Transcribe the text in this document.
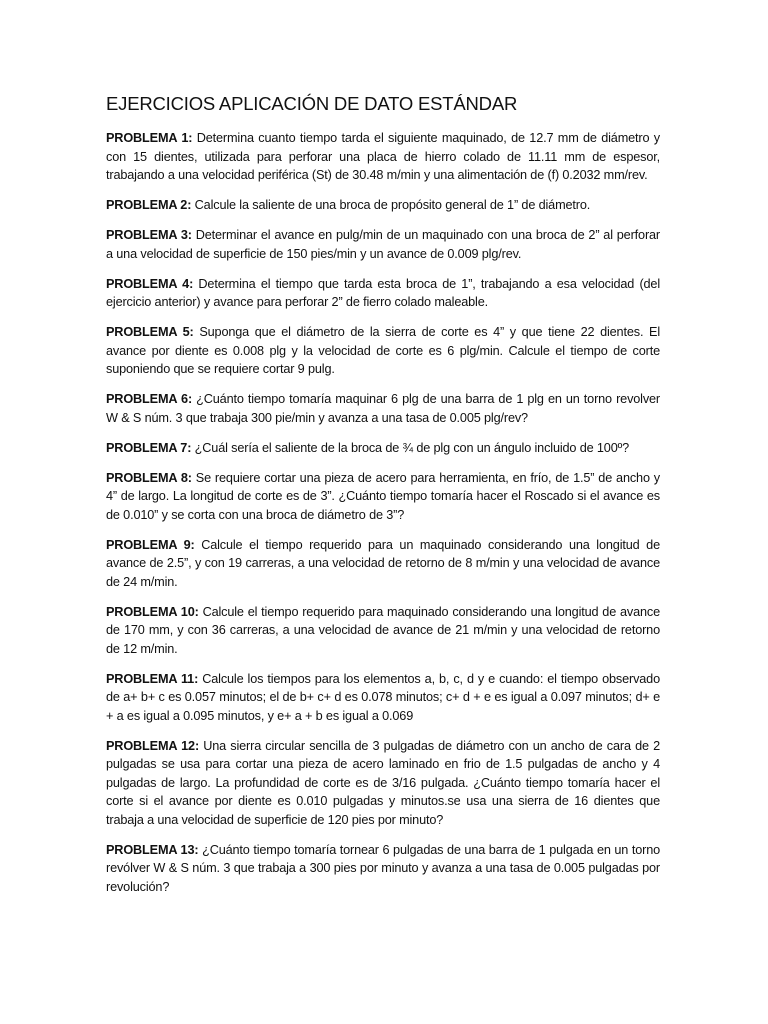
EJERCICIOS APLICACIÓN DE DATO ESTÁNDAR

PROBLEMA 1: Determina cuanto tiempo tarda el siguiente maquinado, de 12.7 mm de diámetro y con 15 dientes, utilizada para perforar una placa de hierro colado de 11.11 mm de espesor, trabajando a una velocidad periférica (St) de 30.48 m/min y una alimentación de (f) 0.2032 mm/rev.

PROBLEMA 2: Calcule la saliente de una broca de propósito general de 1” de diámetro.

PROBLEMA 3: Determinar el avance en pulg/min de un maquinado con una broca de 2” al perforar a una velocidad de superficie de 150 pies/min y un avance de 0.009 plg/rev.

PROBLEMA 4: Determina el tiempo que tarda esta broca de 1”, trabajando a esa velocidad (del ejercicio anterior) y avance para perforar 2” de fierro colado maleable.

PROBLEMA 5: Suponga que el diámetro de la sierra de corte es 4” y que tiene 22 dientes. El avance por diente es 0.008 plg y la velocidad de corte es 6 plg/min. Calcule el tiempo de corte suponiendo que se requiere cortar 9 pulg.

PROBLEMA 6: ¿Cuánto tiempo tomaría maquinar 6 plg de una barra de 1 plg en un torno revolver W & S núm. 3 que trabaja 300 pie/min y avanza a una tasa de 0.005 plg/rev?

PROBLEMA 7: ¿Cuál sería el saliente de la broca de ¾ de plg con un ángulo incluido de 100º?

PROBLEMA 8: Se requiere cortar una pieza de acero para herramienta, en frío, de 1.5” de ancho y 4” de largo. La longitud de corte es de 3”. ¿Cuánto tiempo tomaría hacer el Roscado si el avance es de 0.010” y se corta con una broca de diámetro de 3”?

PROBLEMA 9: Calcule el tiempo requerido para un maquinado considerando una longitud de avance de 2.5”, y con 19 carreras, a una velocidad de retorno de 8 m/min y una velocidad de avance de 24 m/min.

PROBLEMA 10: Calcule el tiempo requerido para maquinado considerando una longitud de avance de 170 mm, y con 36 carreras, a una velocidad de avance de 21 m/min y una velocidad de retorno de 12 m/min.

PROBLEMA 11: Calcule los tiempos para los elementos a, b, c, d y e cuando: el tiempo observado de a+ b+ c es 0.057 minutos; el de b+ c+ d es 0.078 minutos; c+ d + e es igual a 0.097 minutos; d+ e + a es igual a 0.095 minutos, y e+ a + b es igual a 0.069

PROBLEMA 12: Una sierra circular sencilla de 3 pulgadas de diámetro con un ancho de cara de 2 pulgadas se usa para cortar una pieza de acero laminado en frio de 1.5 pulgadas de ancho y 4 pulgadas de largo. La profundidad de corte es de 3/16 pulgada. ¿Cuánto tiempo tomaría hacer el corte si el avance por diente es 0.010 pulgadas y minutos.se usa una sierra de 16 dientes que trabaja a una velocidad de superficie de 120 pies por minuto?

PROBLEMA 13: ¿Cuánto tiempo tomaría tornear 6 pulgadas de una barra de 1 pulgada en un torno revólver W & S núm. 3 que trabaja a 300 pies por minuto y avanza a una tasa de 0.005 pulgadas por revolución?
